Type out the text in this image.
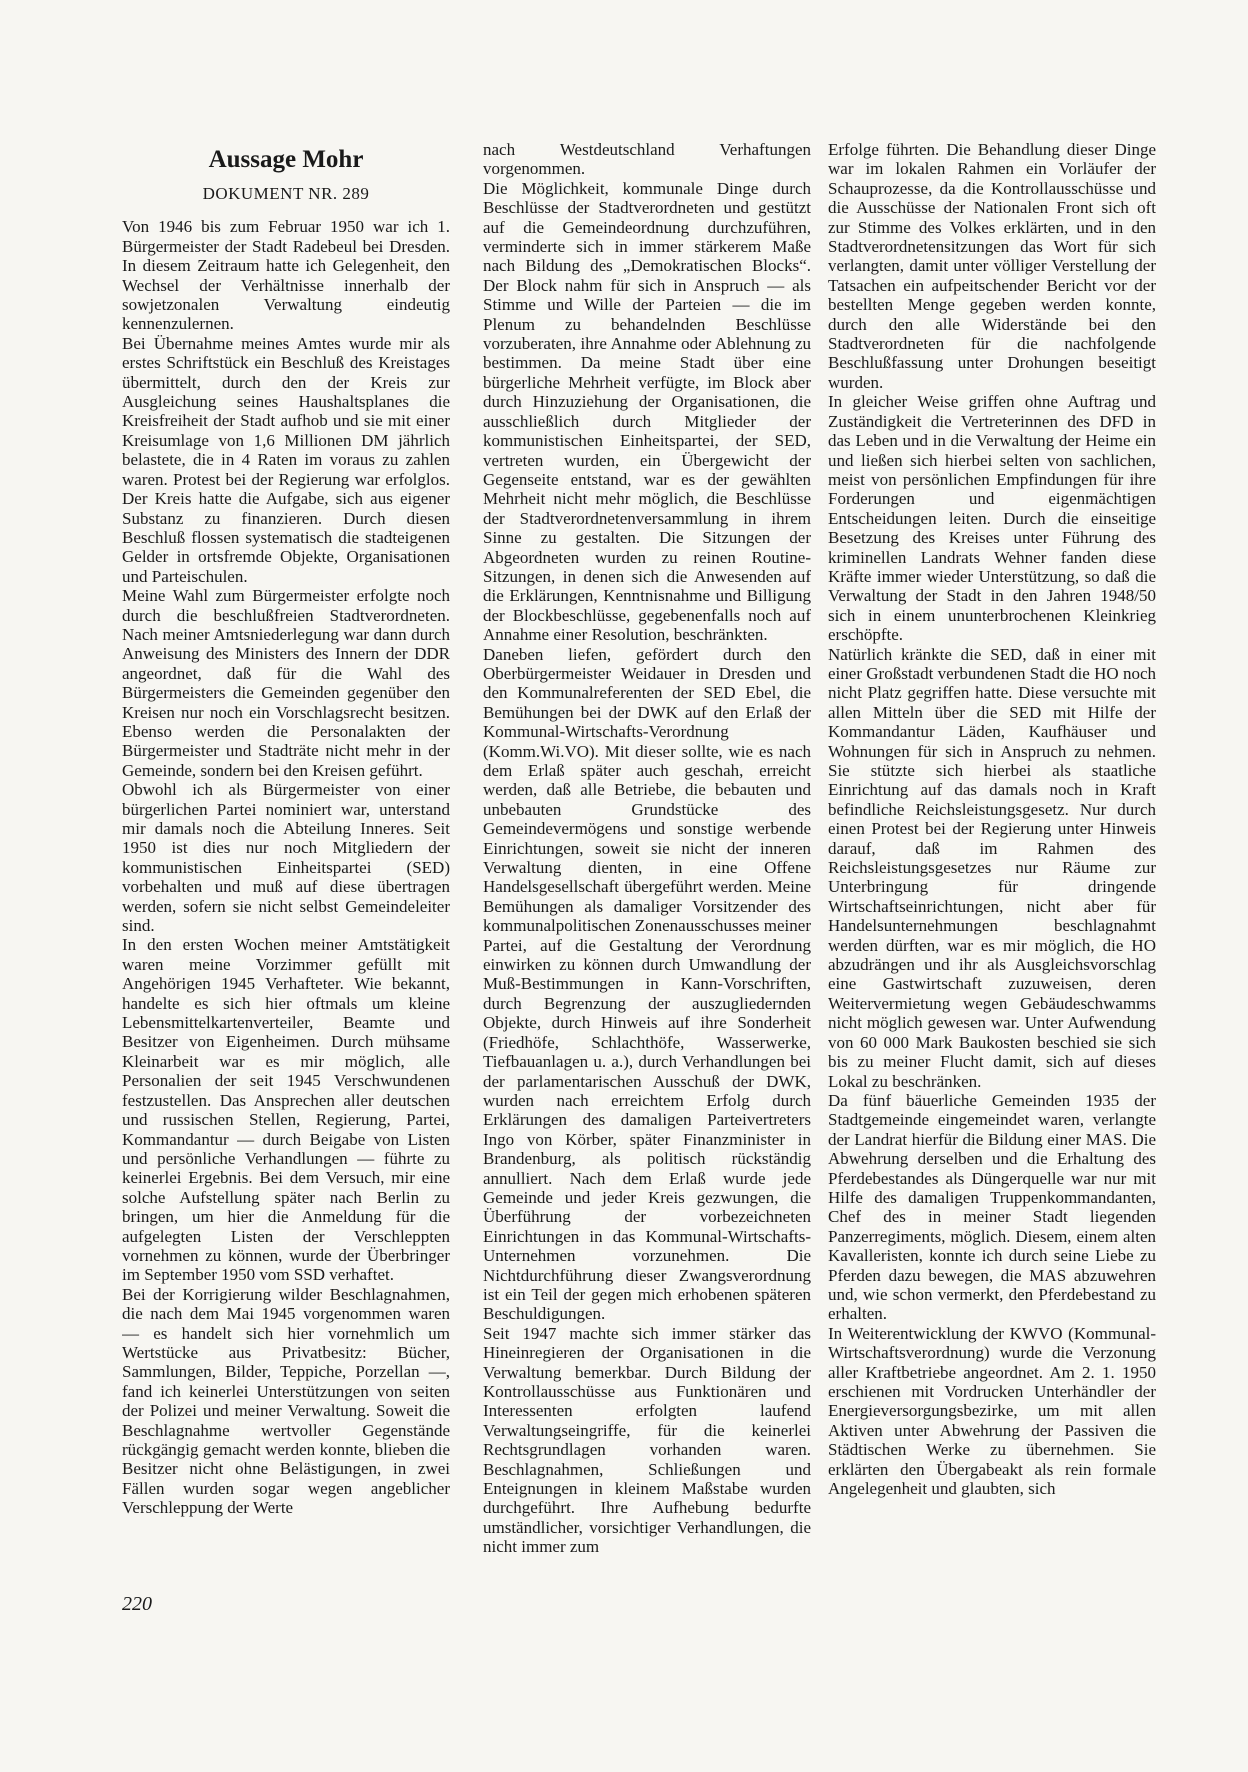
Aussage Mohr
DOKUMENT NR. 289

Von 1946 bis zum Februar 1950 war ich 1. Bürgermeister der Stadt Radebeul bei Dresden. In diesem Zeitraum hatte ich Gelegenheit, den Wechsel der Verhältnisse innerhalb der sowjetzonalen Verwaltung eindeutig kennenzulernen.

Bei Übernahme meines Amtes wurde mir als erstes Schriftstück ein Beschluß des Kreistages übermittelt, durch den der Kreis zur Ausgleichung seines Haushaltsplanes die Kreisfreiheit der Stadt aufhob und sie mit einer Kreisumlage von 1,6 Millionen DM jährlich belastete, die in 4 Raten im voraus zu zahlen waren. Protest bei der Regierung war erfolglos. Der Kreis hatte die Aufgabe, sich aus eigener Substanz zu finanzieren. Durch diesen Beschluß flossen systematisch die stadteigenen Gelder in ortsfremde Objekte, Organisationen und Parteischulen.

Meine Wahl zum Bürgermeister erfolgte noch durch die beschlußfreien Stadtverordneten. Nach meiner Amtsniederlegung war dann durch Anweisung des Ministers des Innern der DDR angeordnet, daß für die Wahl des Bürgermeisters die Gemeinden gegenüber den Kreisen nur noch ein Vorschlagsrecht besitzen. Ebenso werden die Personalakten der Bürgermeister und Stadträte nicht mehr in der Gemeinde, sondern bei den Kreisen geführt.

Obwohl ich als Bürgermeister von einer bürgerlichen Partei nominiert war, unterstand mir damals noch die Abteilung Inneres. Seit 1950 ist dies nur noch Mitgliedern der kommunistischen Einheitspartei (SED) vorbehalten und muß auf diese übertragen werden, sofern sie nicht selbst Gemeindeleiter sind.

In den ersten Wochen meiner Amtstätigkeit waren meine Vorzimmer gefüllt mit Angehörigen 1945 Verhafteter. Wie bekannt, handelte es sich hier oftmals um kleine Lebensmittelkartenverteiler, Beamte und Besitzer von Eigenheimen. Durch mühsame Kleinarbeit war es mir möglich, alle Personalien der seit 1945 Verschwundenen festzustellen. Das Ansprechen aller deutschen und russischen Stellen, Regierung, Partei, Kommandantur — durch Beigabe von Listen und persönliche Verhandlungen — führte zu keinerlei Ergebnis. Bei dem Versuch, mir eine solche Aufstellung später nach Berlin zu bringen, um hier die Anmeldung für die aufgelegten Listen der Verschleppten vornehmen zu können, wurde der Überbringer im September 1950 vom SSD verhaftet.

Bei der Korrigierung wilder Beschlagnahmen, die nach dem Mai 1945 vorgenommen waren — es handelt sich hier vornehmlich um Wertstücke aus Privatbesitz: Bücher, Sammlungen, Bilder, Teppiche, Porzellan —, fand ich keinerlei Unterstützungen von seiten der Polizei und meiner Verwaltung. Soweit die Beschlagnahme wertvoller Gegenstände rückgängig gemacht werden konnte, blieben die Besitzer nicht ohne Belästigungen, in zwei Fällen wurden sogar wegen angeblicher Verschleppung der Werte

nach Westdeutschland Verhaftungen vorgenommen.

Die Möglichkeit, kommunale Dinge durch Beschlüsse der Stadtverordneten und gestützt auf die Gemeindeordnung durchzuführen, verminderte sich in immer stärkerem Maße nach Bildung des „Demokratischen Blocks“. Der Block nahm für sich in Anspruch — als Stimme und Wille der Parteien — die im Plenum zu behandelnden Beschlüsse vorzuberaten, ihre Annahme oder Ablehnung zu bestimmen. Da meine Stadt über eine bürgerliche Mehrheit verfügte, im Block aber durch Hinzuziehung der Organisationen, die ausschließlich durch Mitglieder der kommunistischen Einheitspartei, der SED, vertreten wurden, ein Übergewicht der Gegenseite entstand, war es der gewählten Mehrheit nicht mehr möglich, die Beschlüsse der Stadtverordnetenversammlung in ihrem Sinne zu gestalten. Die Sitzungen der Abgeordneten wurden zu reinen Routine-Sitzungen, in denen sich die Anwesenden auf die Erklärungen, Kenntnisnahme und Billigung der Blockbeschlüsse, gegebenenfalls noch auf Annahme einer Resolution, beschränkten.

Daneben liefen, gefördert durch den Oberbürgermeister Weidauer in Dresden und den Kommunalreferenten der SED Ebel, die Bemühungen bei der DWK auf den Erlaß der Kommunal-Wirtschafts-Verordnung (Komm.Wi.VO). Mit dieser sollte, wie es nach dem Erlaß später auch geschah, erreicht werden, daß alle Betriebe, die bebauten und unbebauten Grundstücke des Gemeindevermögens und sonstige werbende Einrichtungen, soweit sie nicht der inneren Verwaltung dienten, in eine Offene Handelsgesellschaft übergeführt werden. Meine Bemühungen als damaliger Vorsitzender des kommunalpolitischen Zonenausschusses meiner Partei, auf die Gestaltung der Verordnung einwirken zu können durch Umwandlung der Muß-Bestimmungen in Kann-Vorschriften, durch Begrenzung der auszugliedernden Objekte, durch Hinweis auf ihre Sonderheit (Friedhöfe, Schlachthöfe, Wasserwerke, Tiefbauanlagen u. a.), durch Verhandlungen bei der parlamentarischen Ausschuß der DWK, wurden nach erreichtem Erfolg durch Erklärungen des damaligen Parteivertreters Ingo von Körber, später Finanzminister in Brandenburg, als politisch rückständig annulliert. Nach dem Erlaß wurde jede Gemeinde und jeder Kreis gezwungen, die Überführung der vorbezeichneten Einrichtungen in das Kommunal-Wirtschafts-Unternehmen vorzunehmen. Die Nichtdurchführung dieser Zwangsverordnung ist ein Teil der gegen mich erhobenen späteren Beschuldigungen.

Seit 1947 machte sich immer stärker das Hineinregieren der Organisationen in die Verwaltung bemerkbar. Durch Bildung der Kontrollausschüsse aus Funktionären und Interessenten erfolgten laufend Verwaltungseingriffe, für die keinerlei Rechtsgrundlagen vorhanden waren. Beschlagnahmen, Schließungen und Enteignungen in kleinem Maßstabe wurden durchgeführt. Ihre Aufhebung bedurfte umständlicher, vorsichtiger Verhandlungen, die nicht immer zum

Erfolge führten. Die Behandlung dieser Dinge war im lokalen Rahmen ein Vorläufer der Schauprozesse, da die Kontrollausschüsse und die Ausschüsse der Nationalen Front sich oft zur Stimme des Volkes erklärten, und in den Stadtverordnetensitzungen das Wort für sich verlangten, damit unter völliger Verstellung der Tatsachen ein aufpeitschender Bericht vor der bestellten Menge gegeben werden konnte, durch den alle Widerstände bei den Stadtverordneten für die nachfolgende Beschlußfassung unter Drohungen beseitigt wurden.

In gleicher Weise griffen ohne Auftrag und Zuständigkeit die Vertreterinnen des DFD in das Leben und in die Verwaltung der Heime ein und ließen sich hierbei selten von sachlichen, meist von persönlichen Empfindungen für ihre Forderungen und eigenmächtigen Entscheidungen leiten. Durch die einseitige Besetzung des Kreises unter Führung des kriminellen Landrats Wehner fanden diese Kräfte immer wieder Unterstützung, so daß die Verwaltung der Stadt in den Jahren 1948/50 sich in einem ununterbrochenen Kleinkrieg erschöpfte.

Natürlich kränkte die SED, daß in einer mit einer Großstadt verbundenen Stadt die HO noch nicht Platz gegriffen hatte. Diese versuchte mit allen Mitteln über die SED mit Hilfe der Kommandantur Läden, Kaufhäuser und Wohnungen für sich in Anspruch zu nehmen. Sie stützte sich hierbei als staatliche Einrichtung auf das damals noch in Kraft befindliche Reichsleistungsgesetz. Nur durch einen Protest bei der Regierung unter Hinweis darauf, daß im Rahmen des Reichsleistungsgesetzes nur Räume zur Unterbringung für dringende Wirtschaftseinrichtungen, nicht aber für Handelsunternehmungen beschlagnahmt werden dürften, war es mir möglich, die HO abzudrängen und ihr als Ausgleichsvorschlag eine Gastwirtschaft zuzuweisen, deren Weitervermietung wegen Gebäudeschwamms nicht möglich gewesen war. Unter Aufwendung von 60 000 Mark Baukosten beschied sie sich bis zu meiner Flucht damit, sich auf dieses Lokal zu beschränken.

Da fünf bäuerliche Gemeinden 1935 der Stadtgemeinde eingemeindet waren, verlangte der Landrat hierfür die Bildung einer MAS. Die Abwehrung derselben und die Erhaltung des Pferdebestandes als Düngerquelle war nur mit Hilfe des damaligen Truppenkommandanten, Chef des in meiner Stadt liegenden Panzerregiments, möglich. Diesem, einem alten Kavalleristen, konnte ich durch seine Liebe zu Pferden dazu bewegen, die MAS abzuwehren und, wie schon vermerkt, den Pferdebestand zu erhalten.

In Weiterentwicklung der KWVO (Kommunal-Wirtschaftsverordnung) wurde die Verzonung aller Kraftbetriebe angeordnet. Am 2. 1. 1950 erschienen mit Vordrucken Unterhändler der Energieversorgungsbezirke, um mit allen Aktiven unter Abwehrung der Passiven die Städtischen Werke zu übernehmen. Sie erklärten den Übergabeakt als rein formale Angelegenheit und glaubten, sich

220
